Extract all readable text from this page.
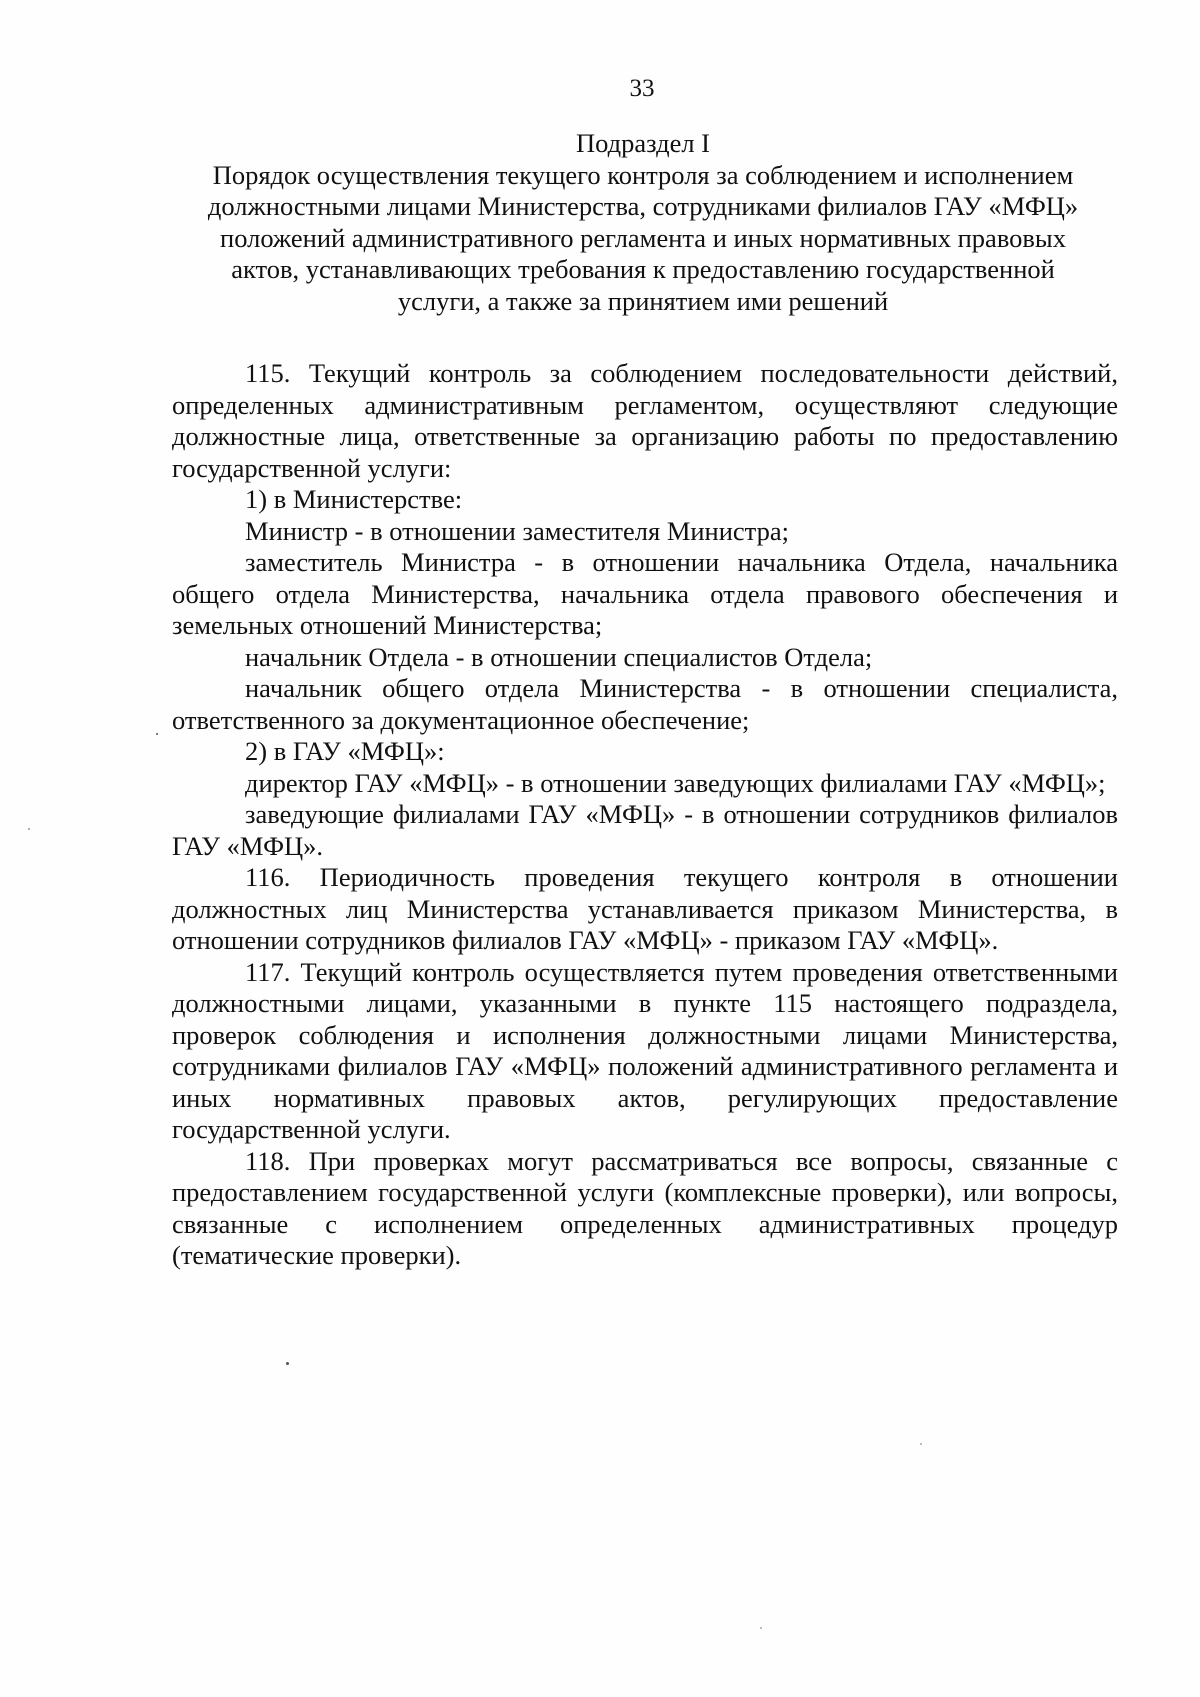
33
Подраздел I
Порядок осуществления текущего контроля за соблюдением и исполнением
должностными лицами Министерства, сотрудниками филиалов ГАУ «МФЦ»
положений административного регламента и иных нормативных правовых
актов, устанавливающих требования к предоставлению государственной
услуги, а также за принятием ими решений

115. Текущий контроль за соблюдением последовательности действий, определенных административным регламентом, осуществляют следующие должностные лица, ответственные за организацию работы по предоставлению государственной услуги:

1) в Министерстве:

Министр - в отношении заместителя Министра;

заместитель Министра - в отношении начальника Отдела, начальника общего отдела Министерства, начальника отдела правового обеспечения и земельных отношений Министерства;

начальник Отдела - в отношении специалистов Отдела;

начальник общего отдела Министерства - в отношении специалиста, ответственного за документационное обеспечение;

2) в ГАУ «МФЦ»:

директор ГАУ «МФЦ» - в отношении заведующих филиалами ГАУ «МФЦ»;

заведующие филиалами ГАУ «МФЦ» - в отношении сотрудников филиалов ГАУ «МФЦ».

116. Периодичность проведения текущего контроля в отношении должностных лиц Министерства устанавливается приказом Министерства, в отношении сотрудников филиалов ГАУ «МФЦ» - приказом ГАУ «МФЦ».

117. Текущий контроль осуществляется путем проведения ответственными должностными лицами, указанными в пункте 115 настоящего подраздела, проверок соблюдения и исполнения должностными лицами Министерства, сотрудниками филиалов ГАУ «МФЦ» положений административного регламента и иных нормативных правовых актов, регулирующих предоставление государственной услуги.

118. При проверках могут рассматриваться все вопросы, связанные с предоставлением государственной услуги (комплексные проверки), или вопросы, связанные с исполнением определенных административных процедур (тематические проверки).
